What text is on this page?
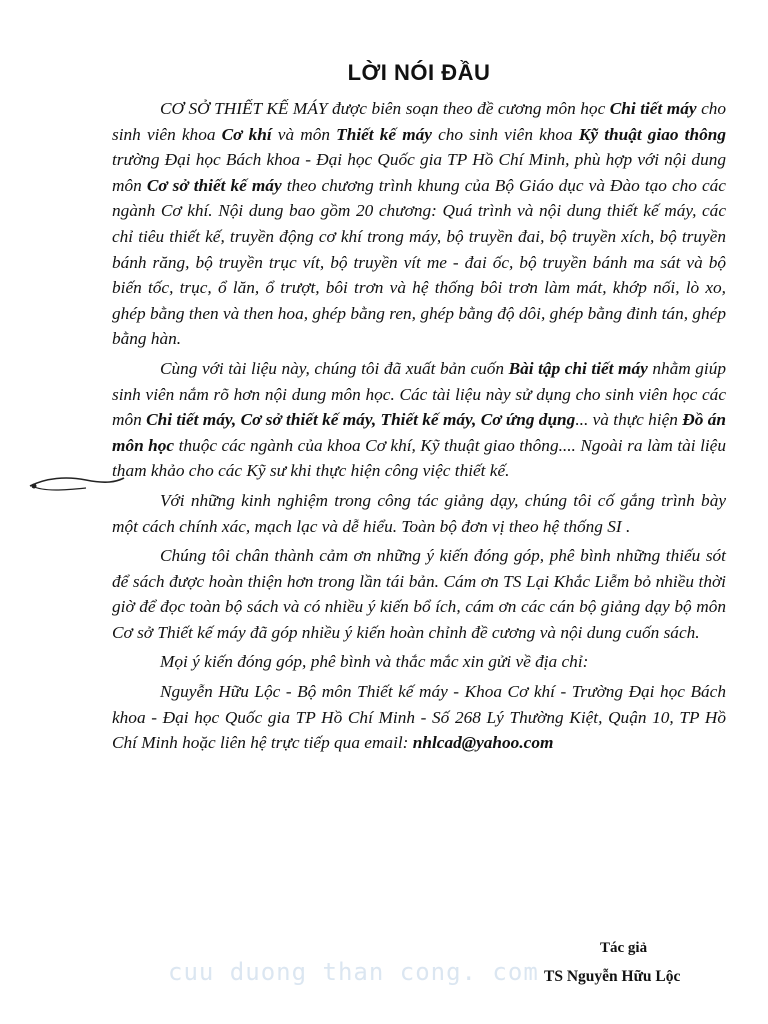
LỜI NÓI ĐẦU

CƠ SỞ THIẾT KẾ MÁY được biên soạn theo đề cương môn học Chi tiết máy cho sinh viên khoa Cơ khí và môn Thiết kế máy cho sinh viên khoa Kỹ thuật giao thông trường Đại học Bách khoa - Đại học Quốc gia TP Hồ Chí Minh, phù hợp với nội dung môn Cơ sở thiết kế máy theo chương trình khung của Bộ Giáo dục và Đào tạo cho các ngành Cơ khí. Nội dung bao gồm 20 chương: Quá trình và nội dung thiết kế máy, các chỉ tiêu thiết kế, truyền động cơ khí trong máy, bộ truyền đai, bộ truyền xích, bộ truyền bánh răng, bộ truyền trục vít, bộ truyền vít me - đai ốc, bộ truyền bánh ma sát và bộ biến tốc, trục, ổ lăn, ổ trượt, bôi trơn và hệ thống bôi trơn làm mát, khớp nối, lò xo, ghép bằng then và then hoa, ghép bằng ren, ghép bằng độ dôi, ghép bằng đinh tán, ghép bằng hàn.

Cùng với tài liệu này, chúng tôi đã xuất bản cuốn Bài tập chi tiết máy nhằm giúp sinh viên nắm rõ hơn nội dung môn học. Các tài liệu này sử dụng cho sinh viên học các môn Chi tiết máy, Cơ sở thiết kế máy, Thiết kế máy, Cơ ứng dụng... và thực hiện Đồ án môn học thuộc các ngành của khoa Cơ khí, Kỹ thuật giao thông.... Ngoài ra làm tài liệu tham khảo cho các Kỹ sư khi thực hiện công việc thiết kế.

Với những kinh nghiệm trong công tác giảng dạy, chúng tôi cố gắng trình bày một cách chính xác, mạch lạc và dễ hiểu. Toàn bộ đơn vị theo hệ thống SI .

Chúng tôi chân thành cảm ơn những ý kiến đóng góp, phê bình những thiếu sót để sách được hoàn thiện hơn trong lần tái bản. Cám ơn TS Lại Khắc Liễm bỏ nhiều thời giờ để đọc toàn bộ sách và có nhiều ý kiến bổ ích, cám ơn các cán bộ giảng dạy bộ môn Cơ sở Thiết kế máy đã góp nhiều ý kiến hoàn chỉnh đề cương và nội dung cuốn sách.

Mọi ý kiến đóng góp, phê bình và thắc mắc xin gửi về địa chỉ:

Nguyễn Hữu Lộc - Bộ môn Thiết kế máy - Khoa Cơ khí - Trường Đại học Bách khoa - Đại học Quốc gia TP Hồ Chí Minh - Số 268 Lý Thường Kiệt, Quận 10, TP Hồ Chí Minh hoặc liên hệ trực tiếp qua email: nhlcad@yahoo.com

Tác giả
cuu duong than cong. com TS Nguyễn Hữu Lộc
